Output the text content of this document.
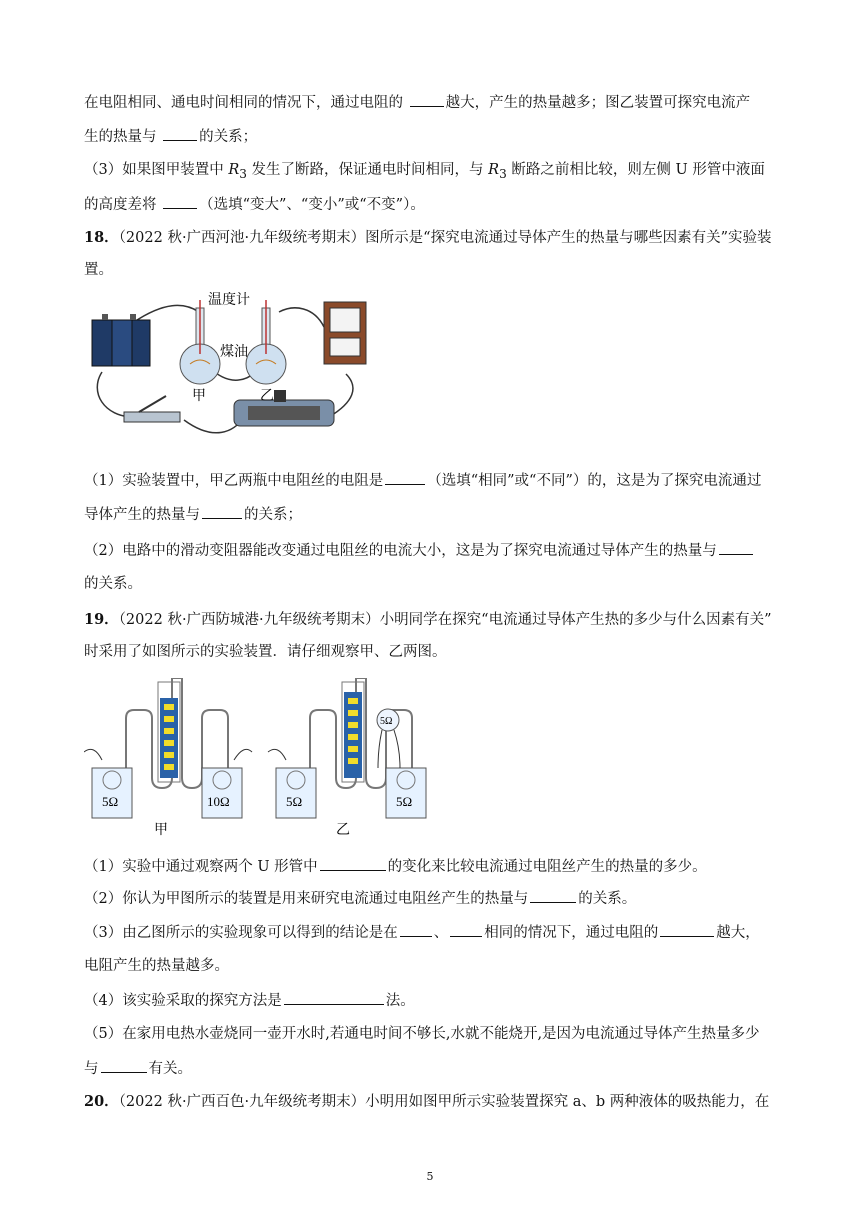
在电阻相同、通电时间相同的情况下，通过电阻的	越大，产生的热量越多；图乙装置可探究电流产
生的热量与	的关系；
（3）如果图甲装置中 $R_3$ 发生了断路，保证通电时间相同，与 $R_3$ 断路之前相比较，则左侧 U 形管中液面
的高度差将	（选填“变大”、“变小”或“不变”）。
18．（2022 秋·广西河池·九年级统考期末）图所示是“探究电流通过导体产生的热量与哪些因素有关”实验装
置。
温度计
煤油
甲	乙
（1）实验装置中，甲乙两瓶中电阻丝的电阻是	（选填“相同”或“不同”）的，这是为了探究电流通过
导体产生的热量与	的关系；
（2）电路中的滑动变阻器能改变通过电阻丝的电流大小，这是为了探究电流通过导体产生的热量与
的关系。
19．（2022 秋·广西防城港·九年级统考期末）小明同学在探究“电流通过导体产生热的多少与什么因素有关”
时采用了如图所示的实验装置．请仔细观察甲、乙两图。
5Ω	10Ω	5Ω	5Ω
5Ω
甲	乙
（1）实验中通过观察两个 U 形管中	的变化来比较电流通过电阻丝产生的热量的多少。
（2）你认为甲图所示的装置是用来研究电流通过电阻丝产生的热量与	的关系。
（3）由乙图所示的实验现象可以得到的结论是在 、 相同的情况下，通过电阻的	越大，
电阻产生的热量越多。
（4）该实验采取的探究方法是	法。
（5）在家用电热水壶烧同一壶开水时,若通电时间不够长,水就不能烧开,是因为电流通过导体产生热量多少
与	有关。
20．（2022 秋·广西百色·九年级统考期末）小明用如图甲所示实验装置探究 a、b 两种液体的吸热能力，在
5
